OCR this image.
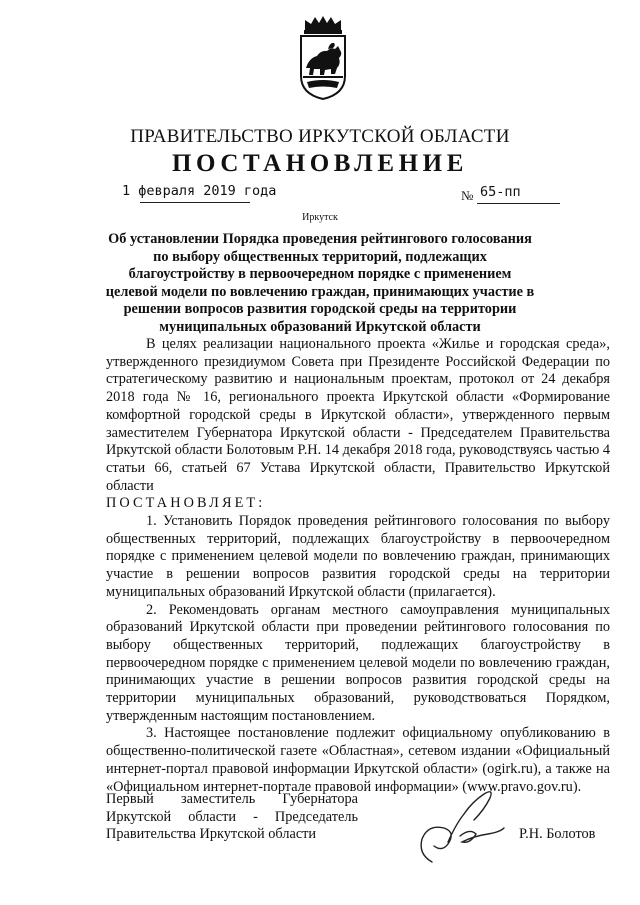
ПРАВИТЕЛЬСТВО ИРКУТСКОЙ ОБЛАСТИ
ПОСТАНОВЛЕНИЕ
1 февраля 2019 года	№ 65-пп
Иркутск
Об установлении Порядка проведения рейтингового голосования по выбору общественных территорий, подлежащих благоустройству в первоочередном порядке с применением целевой модели по вовлечению граждан, принимающих участие в решении вопросов развития городской среды на территории муниципальных образований Иркутской области

В целях реализации национального проекта «Жилье и городская среда», утвержденного президиумом Совета при Президенте Российской Федерации по стратегическому развитию и национальным проектам, протокол от 24 декабря 2018 года № 16, регионального проекта Иркутской области «Формирование комфортной городской среды в Иркутской области», утвержденного первым заместителем Губернатора Иркутской области - Председателем Правительства Иркутской области Болотовым Р.Н. 14 декабря 2018 года, руководствуясь частью 4 статьи 66, статьей 67 Устава Иркутской области, Правительство Иркутской области

ПОСТАНОВЛЯЕТ:

1. Установить Порядок проведения рейтингового голосования по выбору общественных территорий, подлежащих благоустройству в первоочередном порядке с применением целевой модели по вовлечению граждан, принимающих участие в решении вопросов развития городской среды на территории муниципальных образований Иркутской области (прилагается).

2. Рекомендовать органам местного самоуправления муниципальных образований Иркутской области при проведении рейтингового голосования по выбору общественных территорий, подлежащих благоустройству в первоочередном порядке с применением целевой модели по вовлечению граждан, принимающих участие в решении вопросов развития городской среды на территории муниципальных образований, руководствоваться Порядком, утвержденным настоящим постановлением.

3. Настоящее постановление подлежит официальному опубликованию в общественно-политической газете «Областная», сетевом издании «Официальный интернет-портал правовой информации Иркутской области» (ogirk.ru), а также на «Официальном интернет-портале правовой информации» (www.pravo.gov.ru).

Первый заместитель Губернатора
Иркутской области - Председатель
Правительства Иркутской области	Р.Н. Болотов
